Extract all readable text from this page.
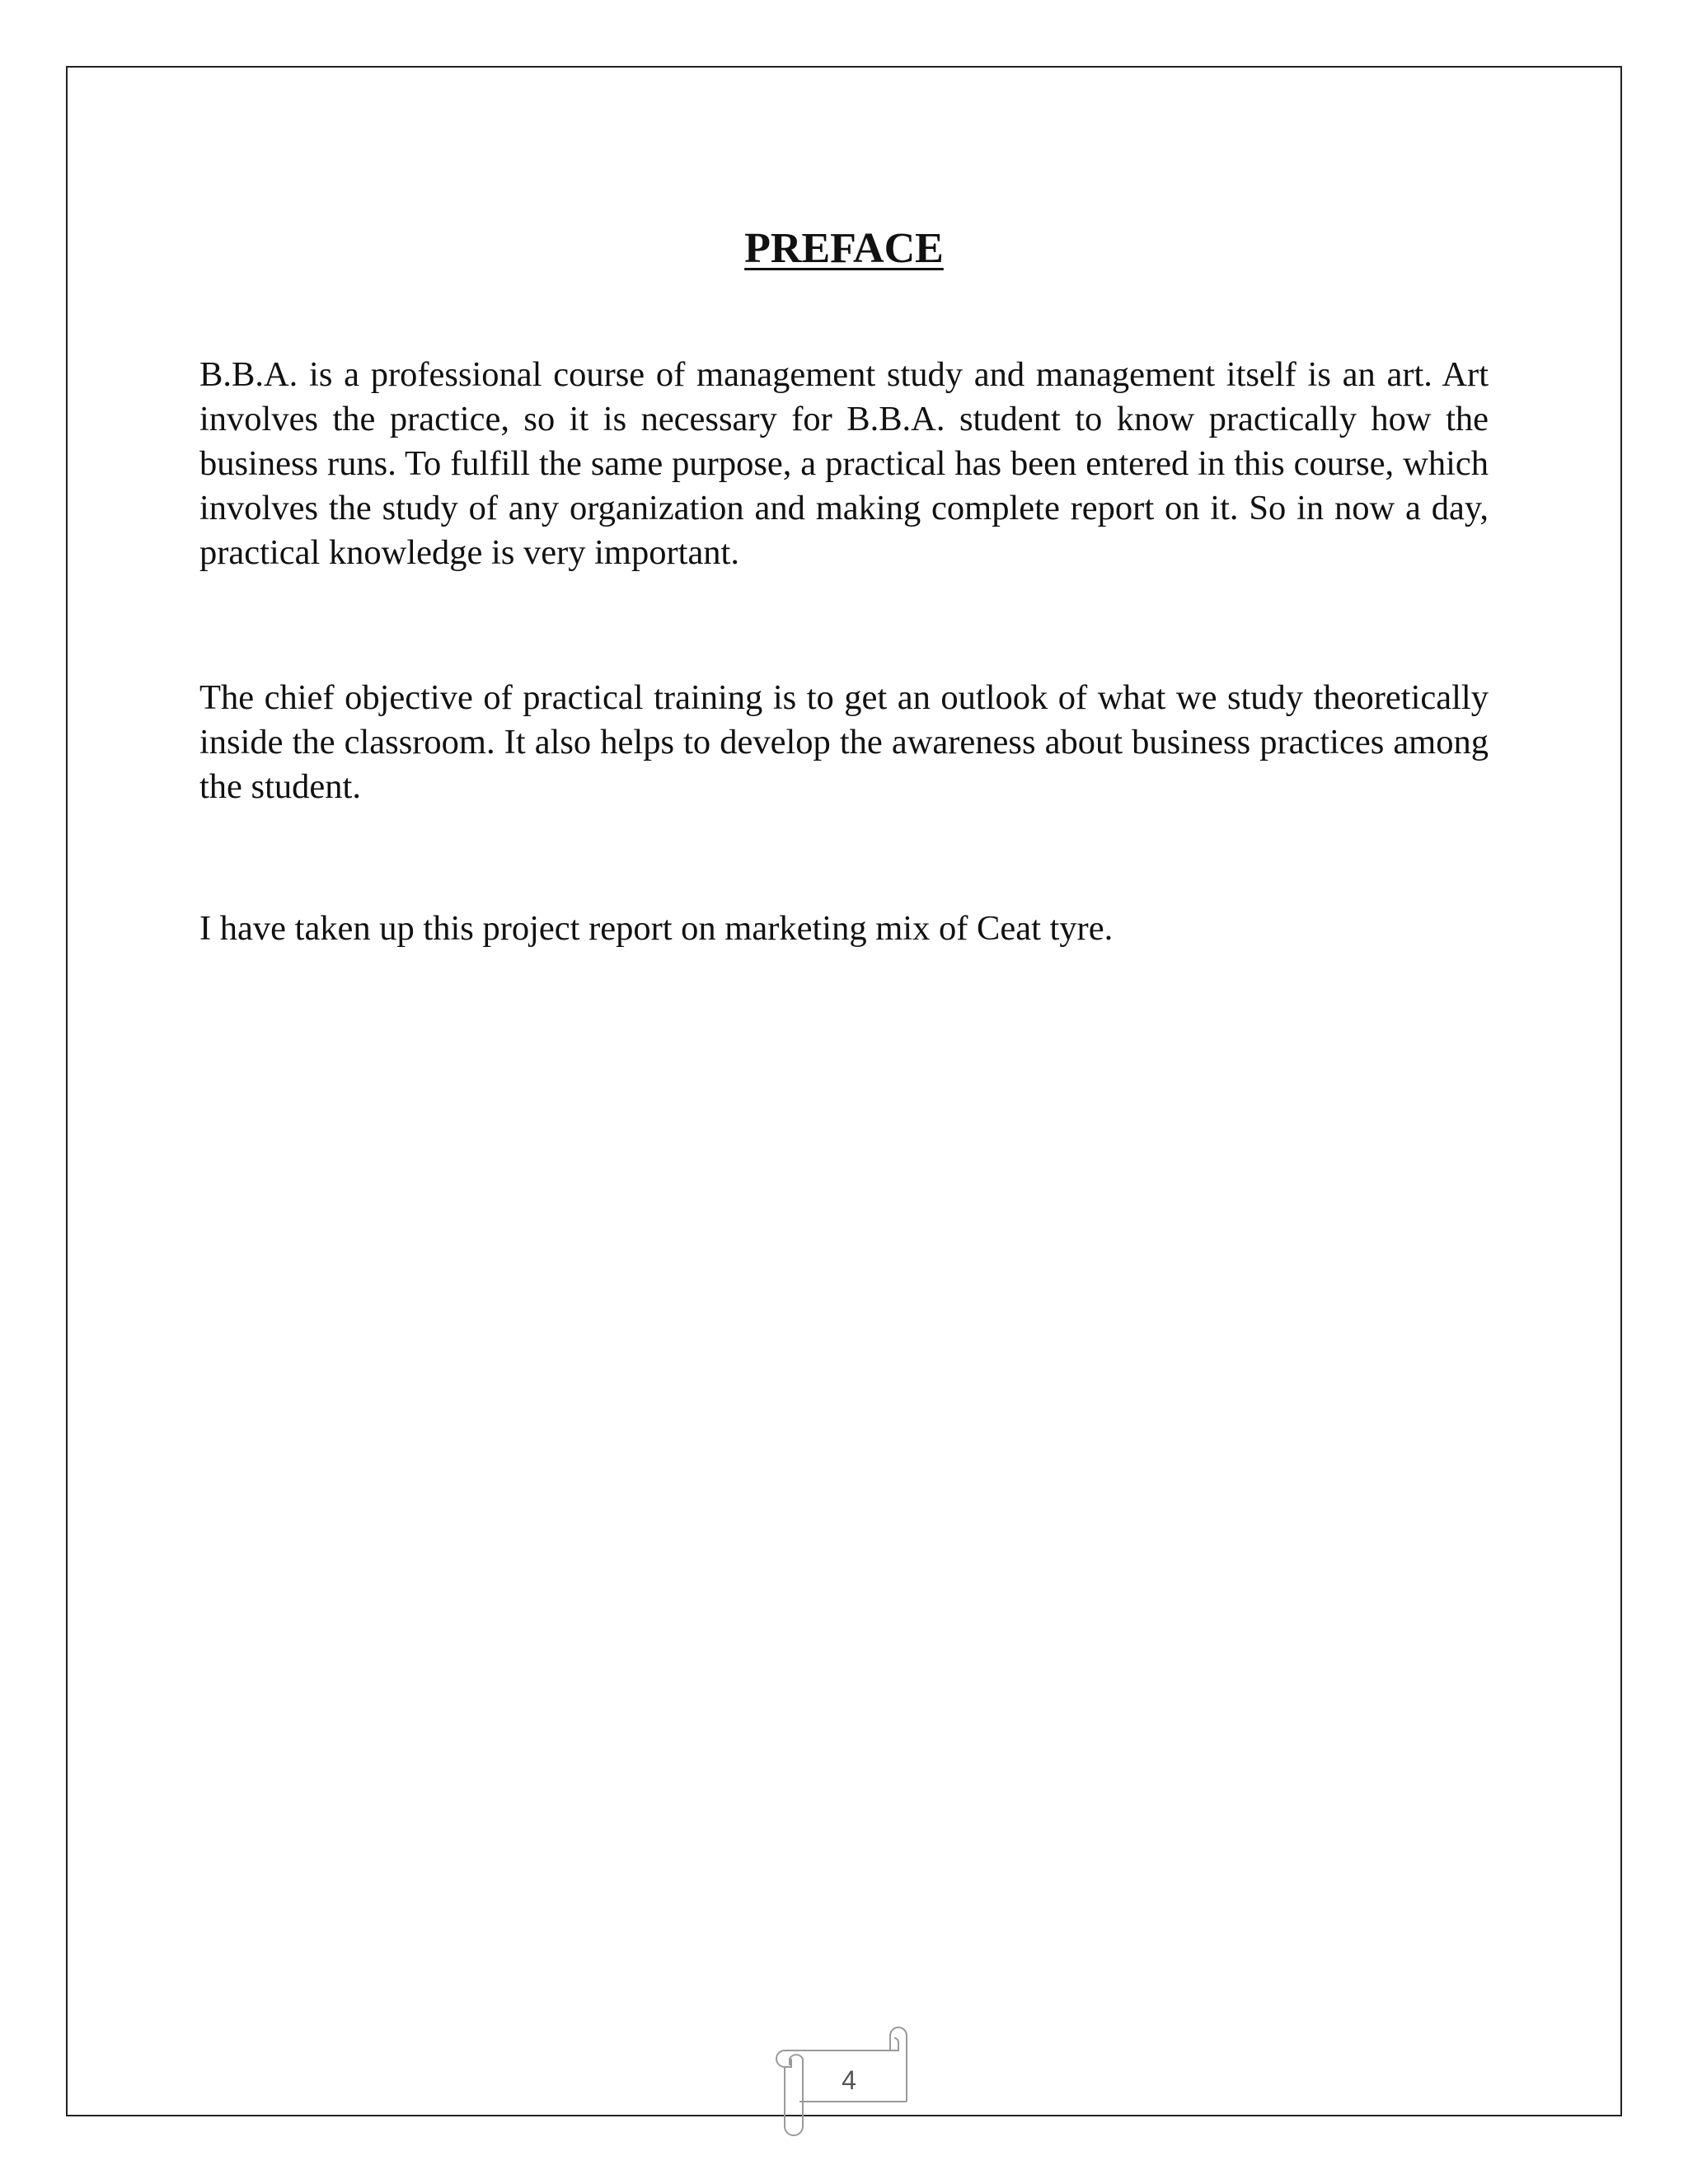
PREFACE

B.B.A. is a professional course of management study and management itself is an art. Art involves the practice, so it is necessary for B.B.A. student to know practically how the business runs. To fulfill the same purpose, a practical has been entered in this course, which involves the study of any organization and making complete report on it. So in now a day, practical knowledge is very important.

The chief objective of practical training is to get an outlook of what we study theoretically inside the classroom. It also helps to develop the awareness about business practices among the student.

I have taken up this project report on marketing mix of Ceat tyre.

4
